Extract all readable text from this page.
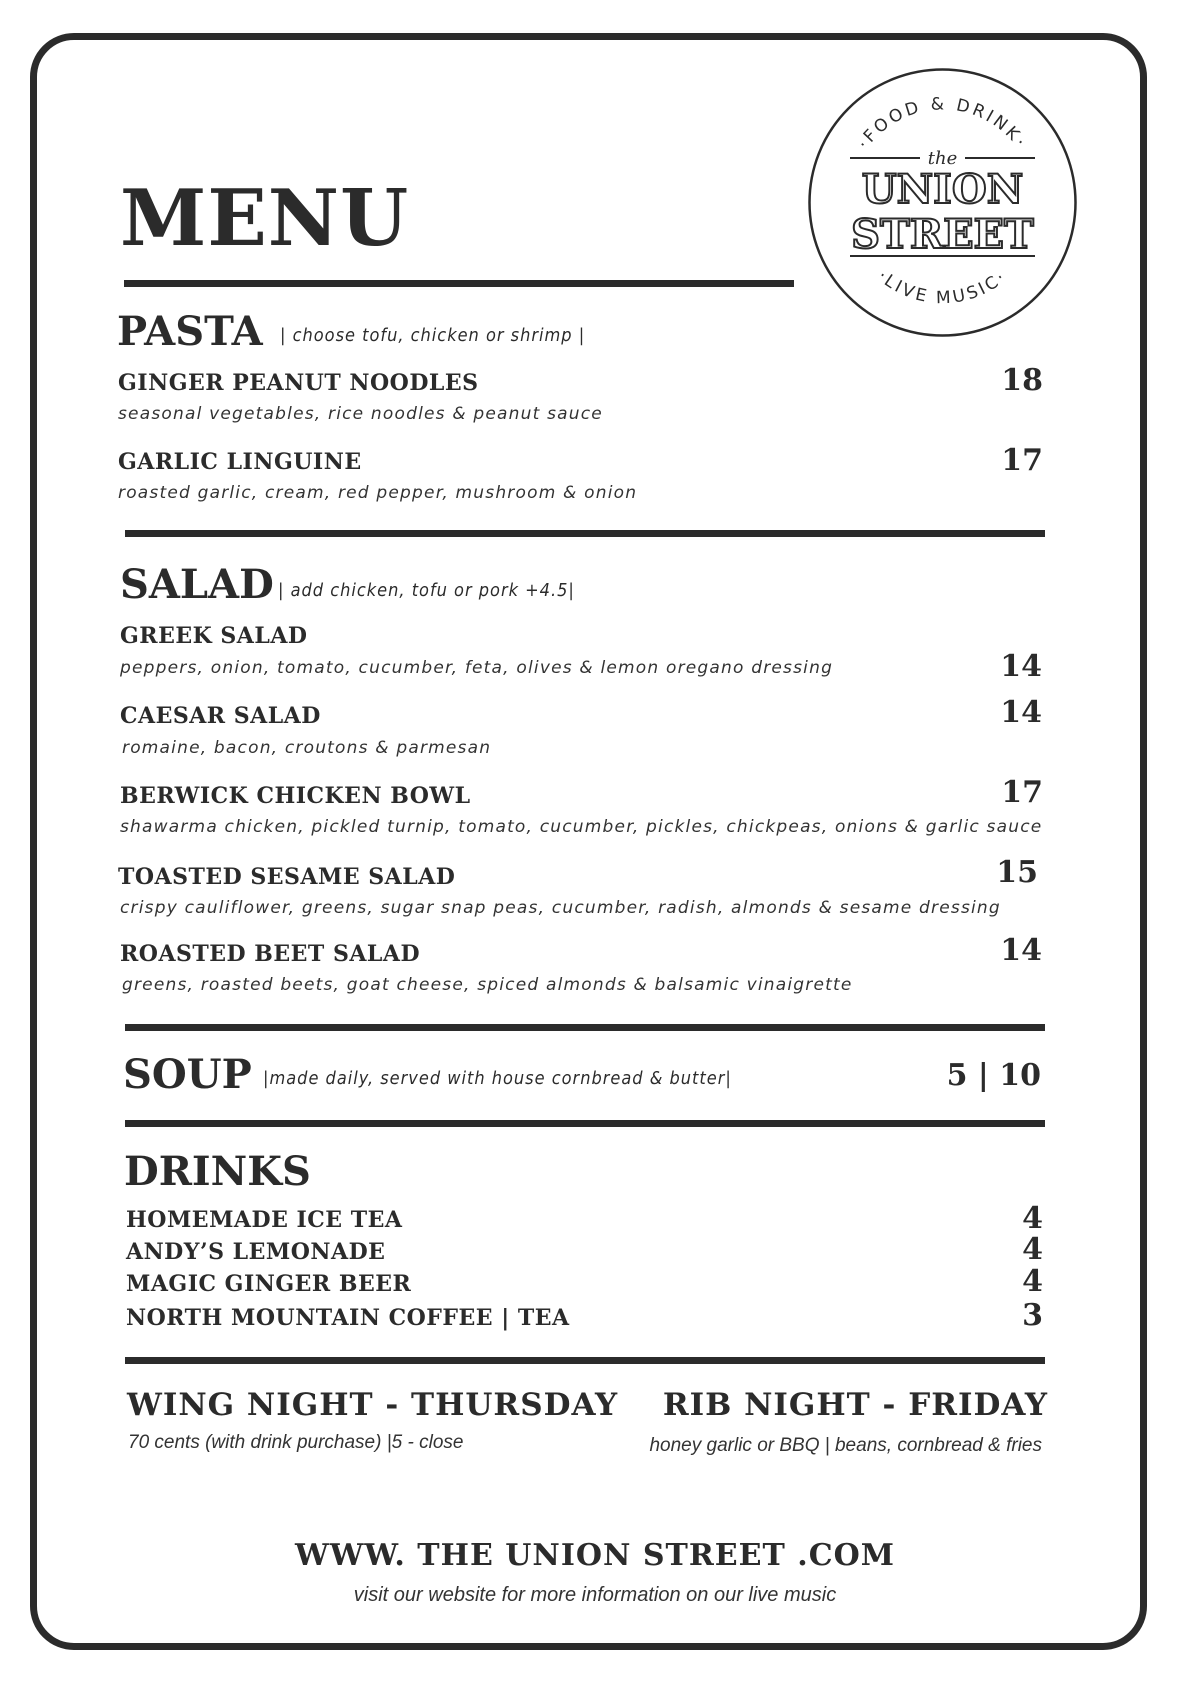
MENU
·FOOD & DRINK·
·LIVE MUSIC·
the
UNION
STREET
PASTA | choose tofu, chicken or shrimp |
GINGER PEANUT NOODLES
seasonal vegetables, rice noodles & peanut sauce
18
GARLIC LINGUINE
roasted garlic, cream, red pepper, mushroom & onion
17
SALAD | add chicken, tofu or pork +4.5|
GREEK SALAD
peppers, onion, tomato, cucumber, feta, olives & lemon oregano dressing	14
CAESAR SALAD
romaine, bacon, croutons & parmesan
14
BERWICK CHICKEN BOWL
shawarma chicken, pickled turnip, tomato, cucumber, pickles, chickpeas, onions & garlic sauce
17
TOASTED SESAME SALAD
crispy cauliflower, greens, sugar snap peas, cucumber, radish, almonds & sesame dressing
15
ROASTED BEET SALAD
greens, roasted beets, goat cheese, spiced almonds & balsamic vinaigrette
14
SOUP |made daily, served with house cornbread & butter|	5 | 10
DRINKS
HOMEMADE ICE TEA	4
ANDY’S LEMONADE	4
MAGIC GINGER BEER	4
NORTH MOUNTAIN COFFEE | TEA	3
WING NIGHT - THURSDAY
70 cents (with drink purchase) |5 - close
RIB NIGHT - FRIDAY
honey garlic or BBQ | beans, cornbread & fries
WWW. THE UNION STREET .COM
visit our website for more information on our live music
